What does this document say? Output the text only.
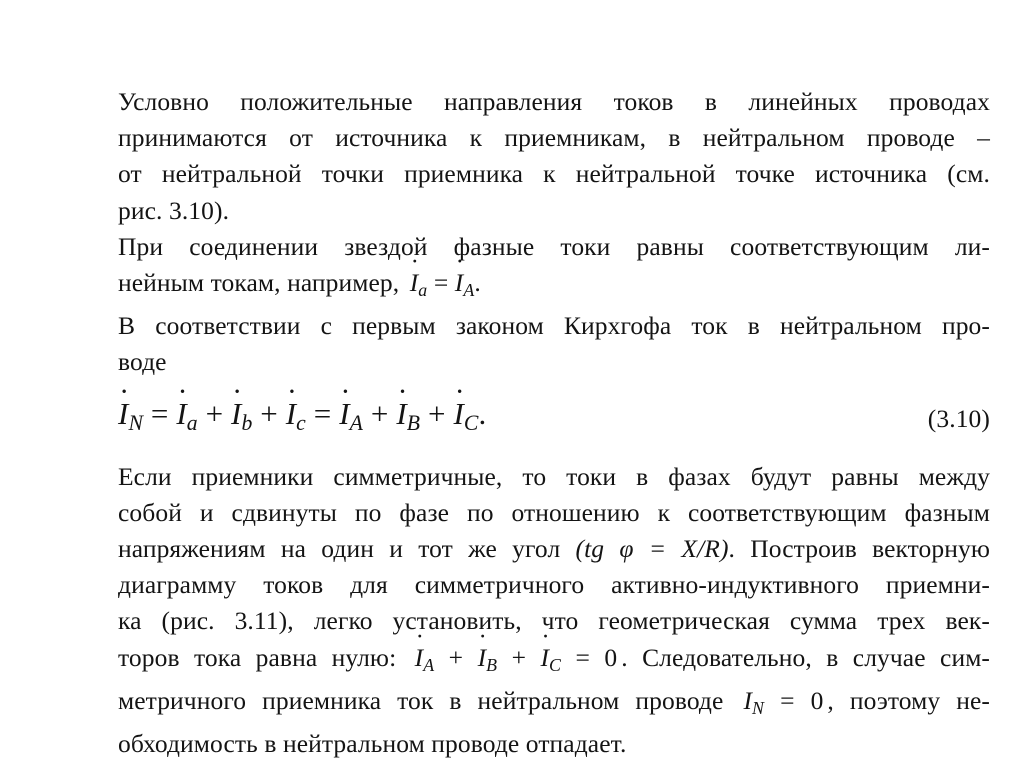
Условно положительные направления токов в линейных проводах
принимаются от источника к приемникам, в нейтральном проводе –
от нейтральной точки приемника к нейтральной точке источника (см.
рис. 3.10).
При соединении звездой фазные токи равны соответствующим ли-
нейным токам, например, · $I_a$ = · $I_A$.
В соответствии с первым законом Кирхгофа ток в нейтральном про-
воде
· $I_N$ = · $I_a$ + · $I_b$ + · $I_c$ = · $I_A$ + · $I_B$ + · $I_C$.	(3.10)
Если приемники симметричные, то токи в фазах будут равны между
собой и сдвинуты по фазе по отношению к соответствующим фазным
напряжениям на один и тот же угол (tg φ = X/R). Построив векторную
диаграмму токов для симметричного активно-индуктивного приемни-
ка (рис. 3.11), легко установить, что геометрическая сумма трех век-
торов тока равна нулю: · $I_A$ + · $I_B$ + · $I_C = 0$ . Следовательно, в случае сим-
метричного приемника ток в нейтральном проводе $I_N = 0$ , поэтому не-
обходимость в нейтральном проводе отпадает.
